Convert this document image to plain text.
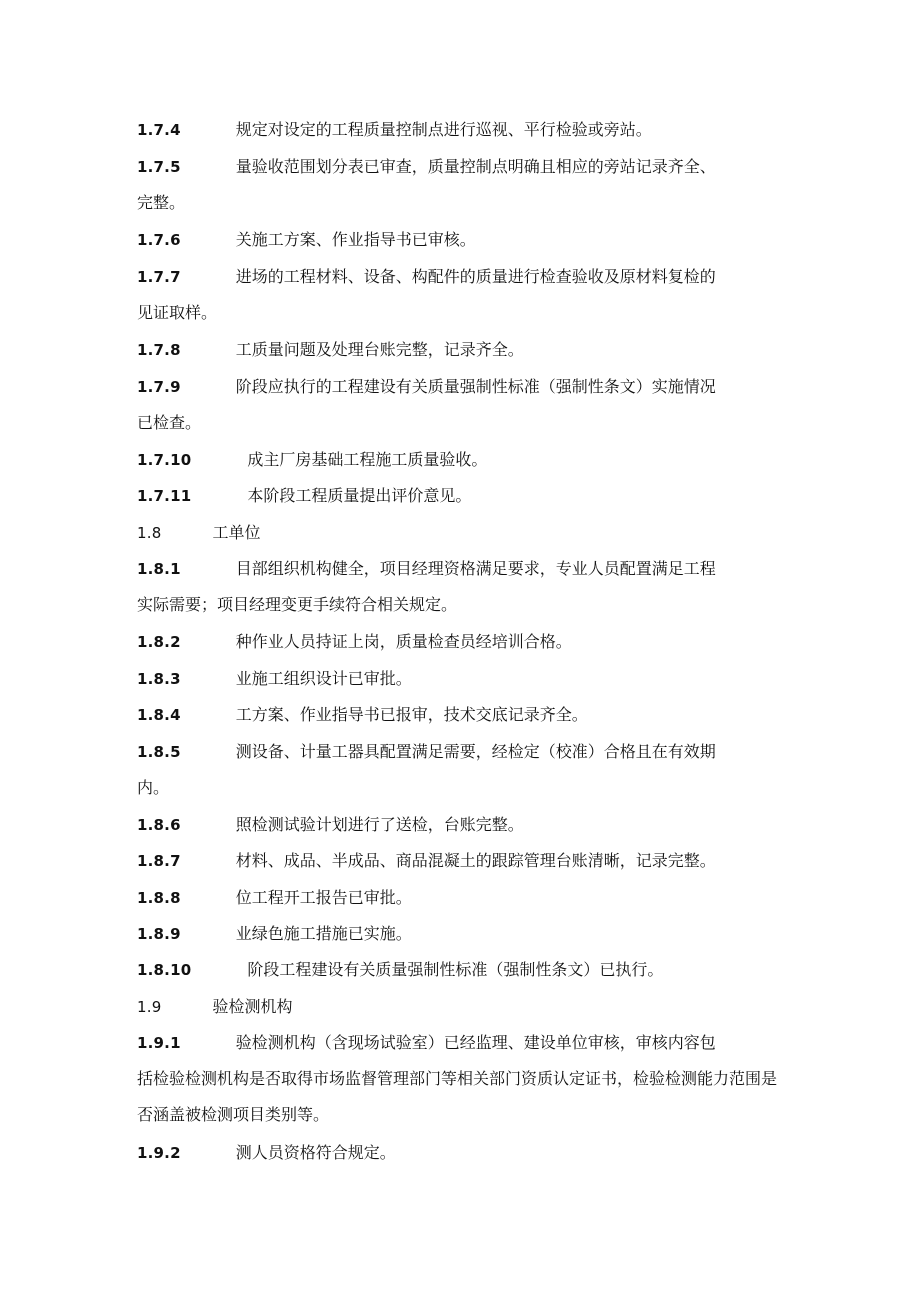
1.7.4	规定对设定的工程质量控制点进行巡视、平行检验或旁站。
1.7.5	量验收范围划分表已审查，质量控制点明确且相应的旁站记录齐全、
完整。
1.7.6	关施工方案、作业指导书已审核。
1.7.7	进场的工程材料、设备、构配件的质量进行检查验收及原材料复检的
见证取样。
1.7.8	工质量问题及处理台账完整，记录齐全。
1.7.9	阶段应执行的工程建设有关质量强制性标准（强制性条文）实施情况
已检查。
1.7.10	成主厂房基础工程施工质量验收。
1.7.11	本阶段工程质量提出评价意见。
1.8	工单位
1.8.1	目部组织机构健全，项目经理资格满足要求，专业人员配置满足工程
实际需要；项目经理变更手续符合相关规定。
1.8.2	种作业人员持证上岗，质量检查员经培训合格。
1.8.3	业施工组织设计已审批。
1.8.4	工方案、作业指导书已报审，技术交底记录齐全。
1.8.5	测设备、计量工器具配置满足需要，经检定（校准）合格且在有效期
内。
1.8.6	照检测试验计划进行了送检，台账完整。
1.8.7	材料、成品、半成品、商品混凝土的跟踪管理台账清晰，记录完整。
1.8.8	位工程开工报告已审批。
1.8.9	业绿色施工措施已实施。
1.8.10	阶段工程建设有关质量强制性标准（强制性条文）已执行。
1.9	验检测机构
1.9.1	验检测机构（含现场试验室）已经监理、建设单位审核，审核内容包
括检验检测机构是否取得市场监督管理部门等相关部门资质认定证书，检验检测能力范围是否涵盖被检测项目类别等。
1.9.2	测人员资格符合规定。
